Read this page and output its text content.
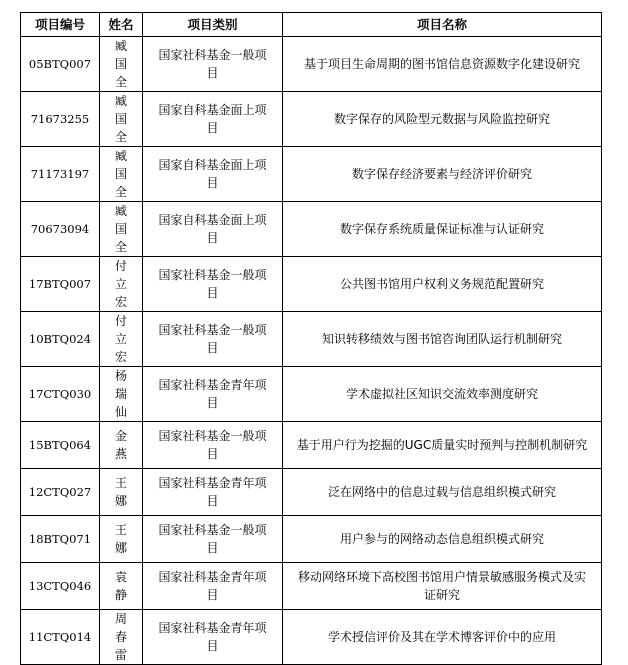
项目编号	姓名	项目类别	项目名称
05BTQ007	臧国全	国家社科基金一般项目	基于项目生命周期的图书馆信息资源数字化建设研究
71673255	臧国全	国家自科基金面上项目	数字保存的风险型元数据与风险监控研究
71173197	臧国全	国家自科基金面上项目	数字保存经济要素与经济评价研究
70673094	臧国全	国家自科基金面上项目	数字保存系统质量保证标准与认证研究
17BTQ007	付立宏	国家社科基金一般项目	公共图书馆用户权利义务规范配置研究
10BTQ024	付立宏	国家社科基金一般项目	知识转移绩效与图书馆咨询团队运行机制研究
17CTQ030	杨瑞仙	国家社科基金青年项目	学术虚拟社区知识交流效率测度研究
15BTQ064	金燕	国家社科基金一般项目	基于用户行为挖掘的UGC质量实时预判与控制机制研究
12CTQ027	王娜	国家社科基金青年项目	泛在网络中的信息过载与信息组织模式研究
18BTQ071	王娜	国家社科基金一般项目	用户参与的网络动态信息组织模式研究
13CTQ046	袁静	国家社科基金青年项目	移动网络环境下高校图书馆用户情景敏感服务模式及实证研究
11CTQ014	周春雷	国家社科基金青年项目	学术授信评价及其在学术博客评价中的应用
